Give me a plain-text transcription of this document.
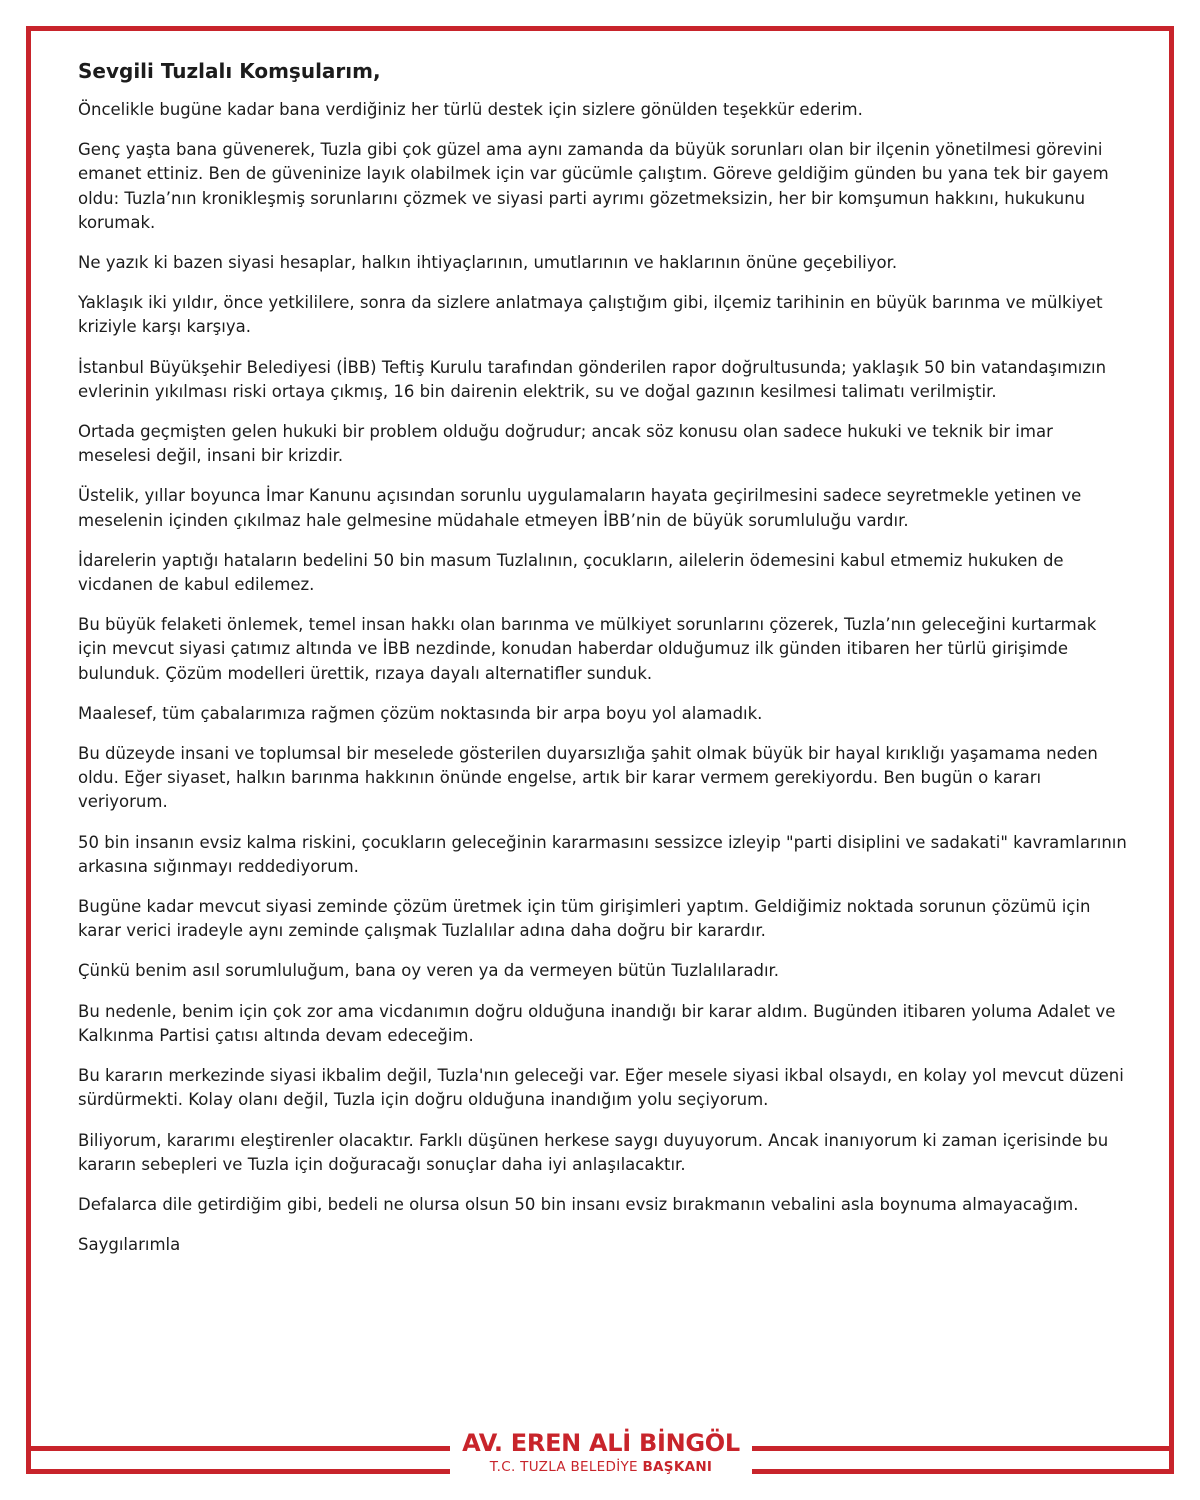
Sevgili Tuzlalı Komşularım,

Öncelikle bugüne kadar bana verdiğiniz her türlü destek için sizlere gönülden teşekkür ederim.

Genç yaşta bana güvenerek, Tuzla gibi çok güzel ama aynı zamanda da büyük sorunları olan bir ilçenin yönetilmesi görevini emanet ettiniz. Ben de güveninize layık olabilmek için var gücümle çalıştım. Göreve geldiğim günden bu yana tek bir gayem oldu: Tuzla’nın kronikleşmiş sorunlarını çözmek ve siyasi parti ayrımı gözetmeksizin, her bir komşumun hakkını, hukukunu korumak.

Ne yazık ki bazen siyasi hesaplar, halkın ihtiyaçlarının, umutlarının ve haklarının önüne geçebiliyor.

Yaklaşık iki yıldır, önce yetkililere, sonra da sizlere anlatmaya çalıştığım gibi, ilçemiz tarihinin en büyük barınma ve mülkiyet kriziyle karşı karşıya.

İstanbul Büyükşehir Belediyesi (İBB) Teftiş Kurulu tarafından gönderilen rapor doğrultusunda; yaklaşık 50 bin vatandaşımızın evlerinin yıkılması riski ortaya çıkmış, 16 bin dairenin elektrik, su ve doğal gazının kesilmesi talimatı verilmiştir.

Ortada geçmişten gelen hukuki bir problem olduğu doğrudur; ancak söz konusu olan sadece hukuki ve teknik bir imar meselesi değil, insani bir krizdir.

Üstelik, yıllar boyunca İmar Kanunu açısından sorunlu uygulamaların hayata geçirilmesini sadece seyretmekle yetinen ve meselenin içinden çıkılmaz hale gelmesine müdahale etmeyen İBB’nin de büyük sorumluluğu vardır.

İdarelerin yaptığı hataların bedelini 50 bin masum Tuzlalının, çocukların, ailelerin ödemesini kabul etmemiz hukuken de vicdanen de kabul edilemez.

Bu büyük felaketi önlemek, temel insan hakkı olan barınma ve mülkiyet sorunlarını çözerek, Tuzla’nın geleceğini kurtarmak için mevcut siyasi çatımız altında ve İBB nezdinde, konudan haberdar olduğumuz ilk günden itibaren her türlü girişimde bulunduk. Çözüm modelleri ürettik, rızaya dayalı alternatifler sunduk.

Maalesef, tüm çabalarımıza rağmen çözüm noktasında bir arpa boyu yol alamadık.

Bu düzeyde insani ve toplumsal bir meselede gösterilen duyarsızlığa şahit olmak büyük bir hayal kırıklığı yaşamama neden oldu. Eğer siyaset, halkın barınma hakkının önünde engelse, artık bir karar vermem gerekiyordu. Ben bugün o kararı veriyorum.

50 bin insanın evsiz kalma riskini, çocukların geleceğinin kararmasını sessizce izleyip "parti disiplini ve sadakati" kavramlarının arkasına sığınmayı reddediyorum.

Bugüne kadar mevcut siyasi zeminde çözüm üretmek için tüm girişimleri yaptım. Geldiğimiz noktada sorunun çözümü için karar verici iradeyle aynı zeminde çalışmak Tuzlalılar adına daha doğru bir karardır.

Çünkü benim asıl sorumluluğum, bana oy veren ya da vermeyen bütün Tuzlalılaradır.

Bu nedenle, benim için çok zor ama vicdanımın doğru olduğuna inandığı bir karar aldım. Bugünden itibaren yoluma Adalet ve Kalkınma Partisi çatısı altında devam edeceğim.

Bu kararın merkezinde siyasi ikbalim değil, Tuzla'nın geleceği var. Eğer mesele siyasi ikbal olsaydı, en kolay yol mevcut düzeni sürdürmekti. Kolay olanı değil, Tuzla için doğru olduğuna inandığım yolu seçiyorum.

Biliyorum, kararımı eleştirenler olacaktır. Farklı düşünen herkese saygı duyuyorum. Ancak inanıyorum ki zaman içerisinde bu kararın sebepleri ve Tuzla için doğuracağı sonuçlar daha iyi anlaşılacaktır.

Defalarca dile getirdiğim gibi, bedeli ne olursa olsun 50 bin insanı evsiz bırakmanın vebalini asla boynuma almayacağım.

Saygılarımla

AV. EREN ALİ BİNGÖL
T.C. TUZLA BELEDİYE BAŞKANI
